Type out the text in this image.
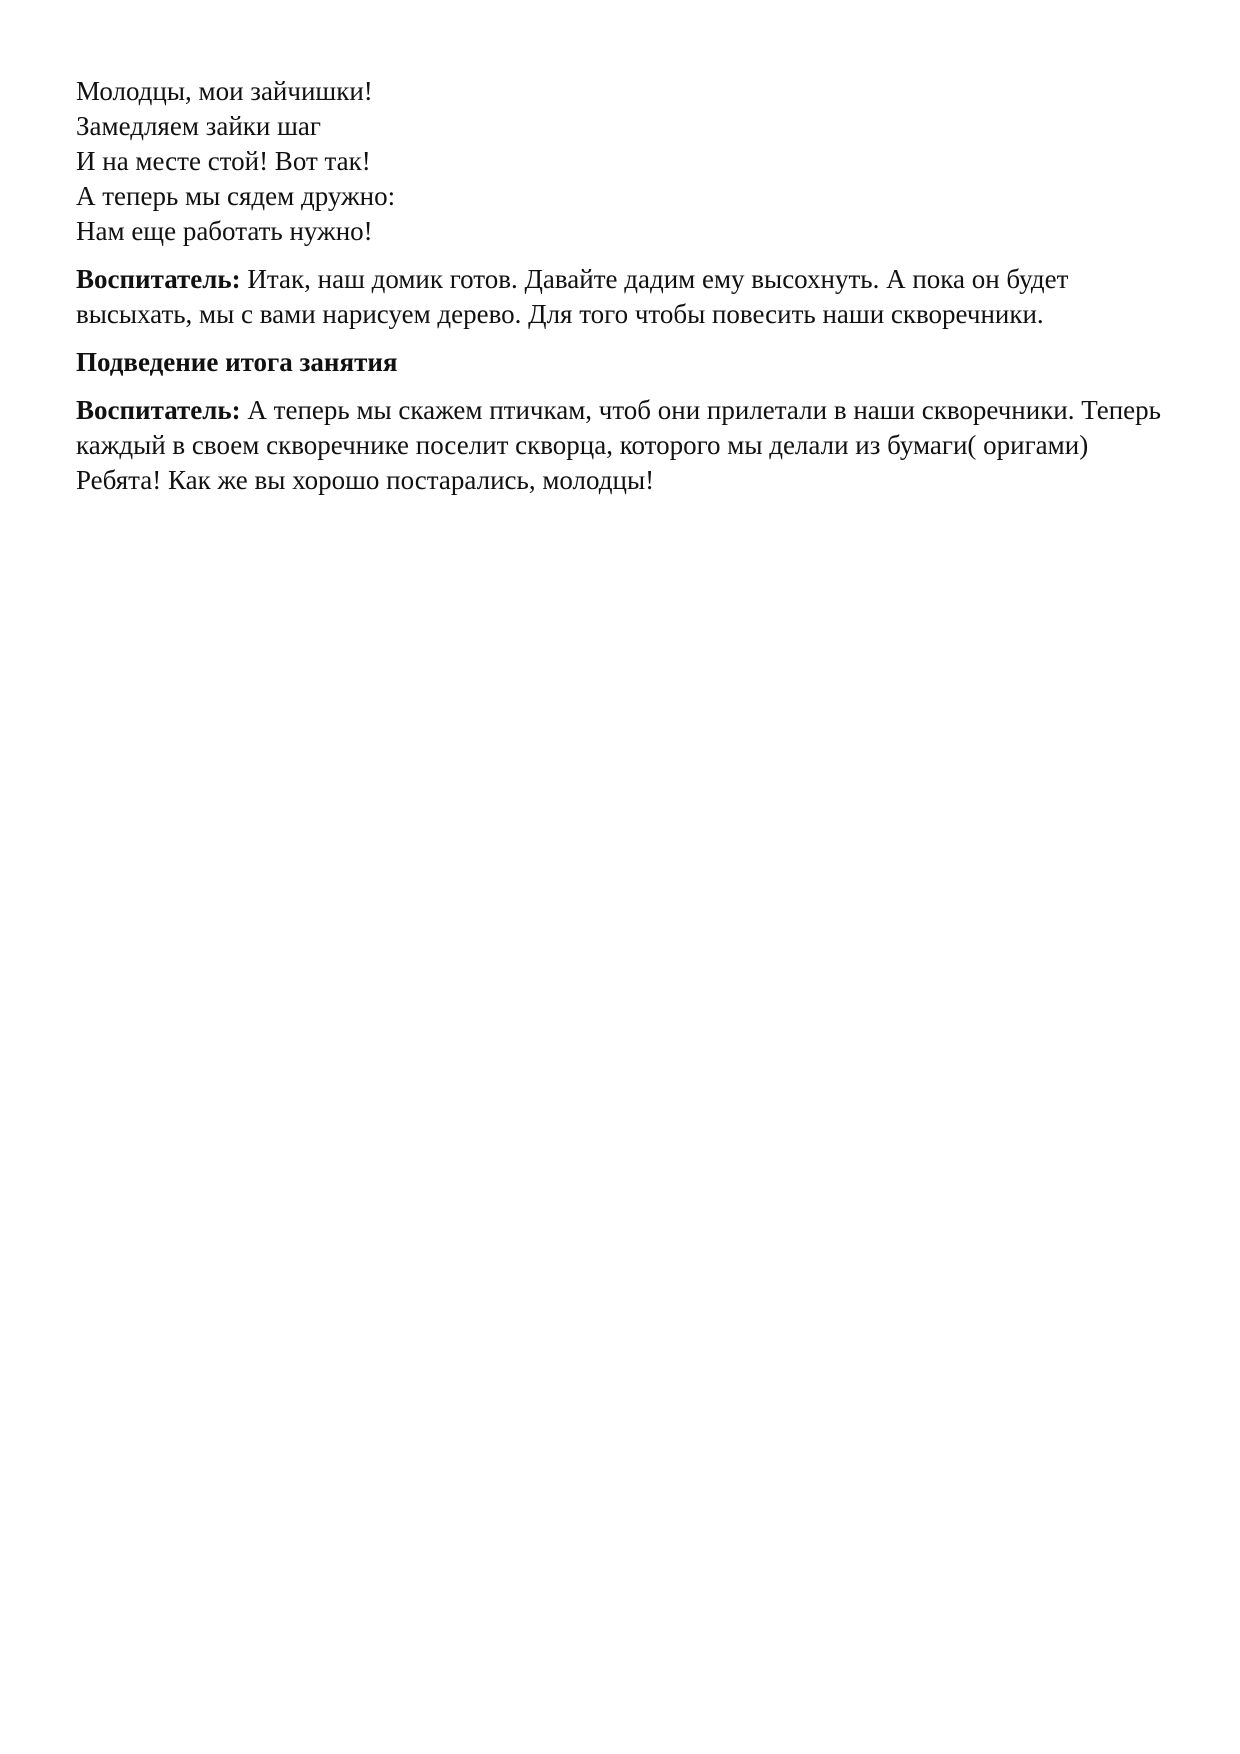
Молодцы, мои зайчишки!
Замедляем зайки шаг
И на месте стой! Вот так!
А теперь мы сядем дружно:
Нам еще работать нужно!
Воспитатель: Итак, наш домик готов. Давайте дадим ему высохнуть. А пока он будет высыхать, мы с вами нарисуем дерево. Для того чтобы повесить наши скворечники.
Подведение итога занятия
Воспитатель: А теперь мы скажем птичкам, чтоб они прилетали в наши скворечники. Теперь каждый в своем скворечнике поселит скворца, которого мы делали из бумаги( оригами) Ребята! Как же вы хорошо постарались, молодцы!
